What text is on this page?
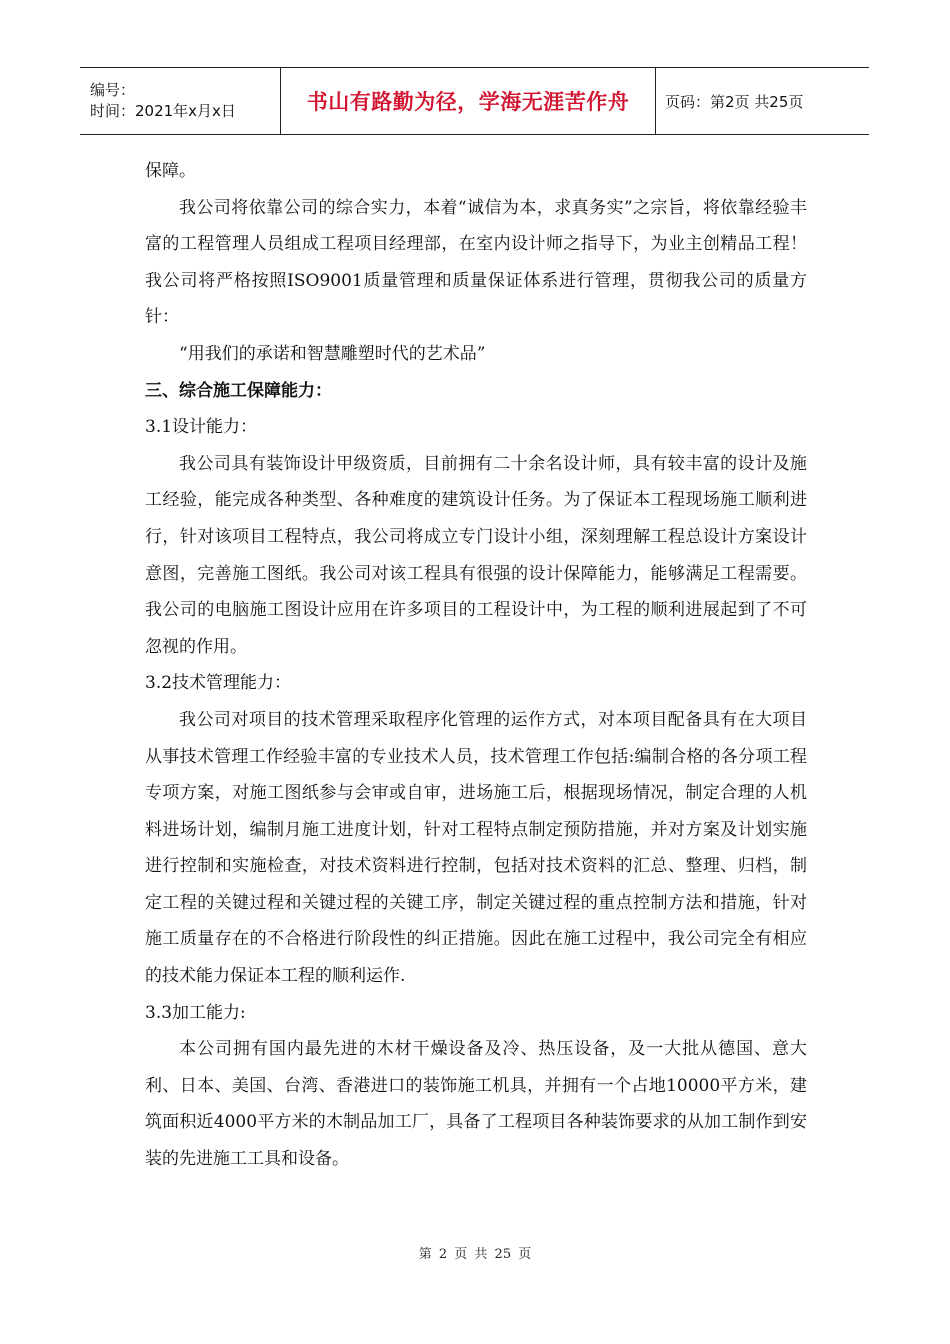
编号：
时间：2021年x月x日	书山有路勤为径，学海无涯苦作舟	页码：第2页 共25页

保障。

我公司将依靠公司的综合实力，本着“诚信为本，求真务实”之宗旨，将依靠经验丰富的工程管理人员组成工程项目经理部，在室内设计师之指导下，为业主创精品工程！我公司将严格按照ISO9001质量管理和质量保证体系进行管理，贯彻我公司的质量方针：

“用我们的承诺和智慧雕塑时代的艺术品”

三、综合施工保障能力：

3.1设计能力：

我公司具有装饰设计甲级资质，目前拥有二十余名设计师，具有较丰富的设计及施工经验，能完成各种类型、各种难度的建筑设计任务。为了保证本工程现场施工顺利进行，针对该项目工程特点，我公司将成立专门设计小组，深刻理解工程总设计方案设计意图，完善施工图纸。我公司对该工程具有很强的设计保障能力，能够满足工程需要。我公司的电脑施工图设计应用在许多项目的工程设计中，为工程的顺利进展起到了不可忽视的作用。

3.2技术管理能力：

我公司对项目的技术管理采取程序化管理的运作方式，对本项目配备具有在大项目从事技术管理工作经验丰富的专业技术人员，技术管理工作包括:编制合格的各分项工程专项方案，对施工图纸参与会审或自审，进场施工后，根据现场情况，制定合理的人机料进场计划，编制月施工进度计划，针对工程特点制定预防措施，并对方案及计划实施进行控制和实施检查，对技术资料进行控制，包括对技术资料的汇总、整理、归档，制定工程的关键过程和关键过程的关键工序，制定关键过程的重点控制方法和措施，针对施工质量存在的不合格进行阶段性的纠正措施。因此在施工过程中，我公司完全有相应的技术能力保证本工程的顺利运作.

3.3加工能力:

本公司拥有国内最先进的木材干燥设备及冷、热压设备，及一大批从德国、意大利、日本、美国、台湾、香港进口的装饰施工机具，并拥有一个占地10000平方米，建筑面积近4000平方米的木制品加工厂，具备了工程项目各种装饰要求的从加工制作到安装的先进施工工具和设备。

第 2 页 共 25 页
